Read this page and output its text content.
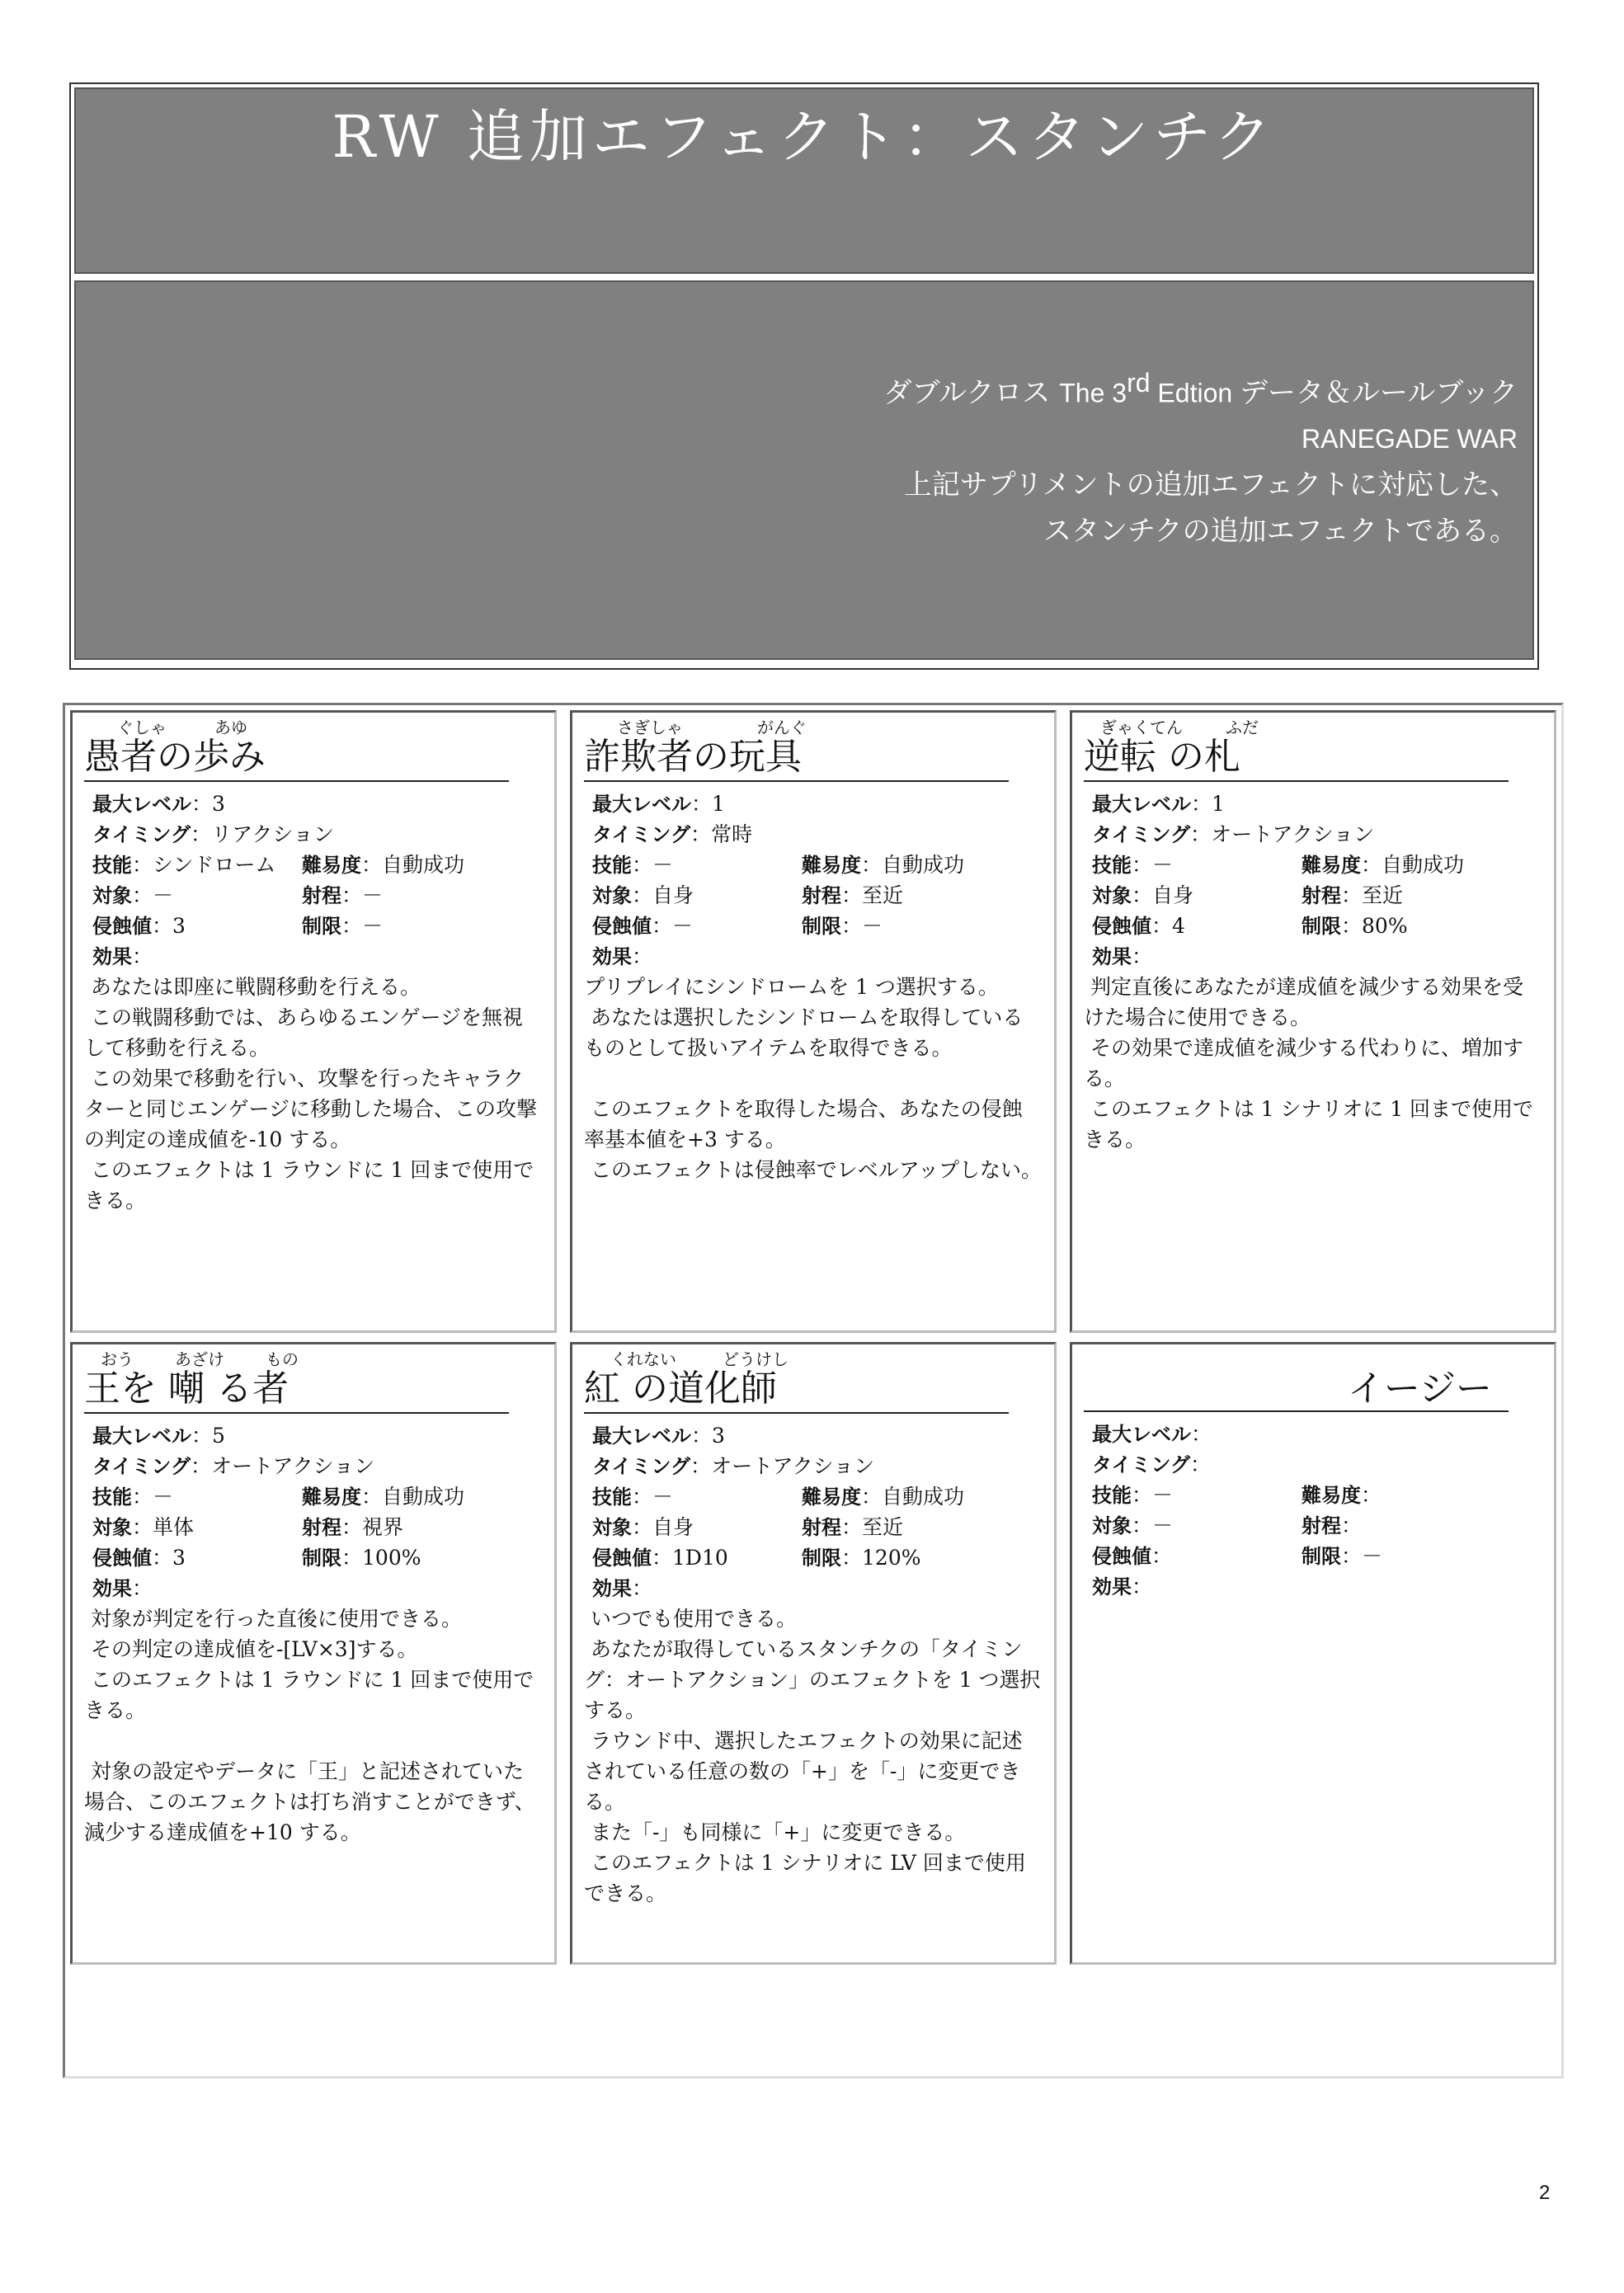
RW 追加エフェクト：スタンチク
ダブルクロス The 3rd Edtion データ＆ルールブック
RANEGADE WAR
上記サプリメントの追加エフェクトに対応した、
スタンチクの追加エフェクトである。
ぐしゃ	あゆ
愚者の歩み
最大レベル：3
タイミング：リアクション
技能：シンドローム	難易度：自動成功
対象：－	射程：－
侵蝕値：3	制限：－
効果：
あなたは即座に戦闘移動を行える。
この戦闘移動では、あらゆるエンゲージを無視して移動を行える。
この効果で移動を行い、攻撃を行ったキャラクターと同じエンゲージに移動した場合、この攻撃の判定の達成値を-10 する。
このエフェクトは 1 ラウンドに 1 回まで使用できる。
さぎしゃ	がんぐ
詐欺者の玩具
最大レベル：1
タイミング：常時
技能：－	難易度：自動成功
対象：自身	射程：至近
侵蝕値：－	制限：－
効果：
プリプレイにシンドロームを 1 つ選択する。
あなたは選択したシンドロームを取得しているものとして扱いアイテムを取得できる。

このエフェクトを取得した場合、あなたの侵蝕率基本値を+3 する。
このエフェクトは侵蝕率でレベルアップしない。
ぎゃくてん	ふだ
逆転 の札
最大レベル：1
タイミング：オートアクション
技能：－	難易度：自動成功
対象：自身	射程：至近
侵蝕値：4	制限：80%
効果：
判定直後にあなたが達成値を減少する効果を受けた場合に使用できる。
その効果で達成値を減少する代わりに、増加する。
このエフェクトは 1 シナリオに 1 回まで使用できる。
おう	あざけ	もの
王を 嘲 る者
最大レベル：5
タイミング：オートアクション
技能：－	難易度：自動成功
対象：単体	射程：視界
侵蝕値：3	制限：100%
効果：
対象が判定を行った直後に使用できる。
その判定の達成値を-[LV×3]する。
このエフェクトは 1 ラウンドに 1 回まで使用できる。

対象の設定やデータに「王」と記述されていた場合、このエフェクトは打ち消すことができず、減少する達成値を+10 する。
くれない	どうけし
紅 の道化師
最大レベル：3
タイミング：オートアクション
技能：－	難易度：自動成功
対象：自身	射程：至近
侵蝕値：1D10	制限：120%
効果：
いつでも使用できる。
あなたが取得しているスタンチクの「タイミング：オートアクション」のエフェクトを 1 つ選択する。
ラウンド中、選択したエフェクトの効果に記述されている任意の数の「+」を「-」に変更できる。
また「-」も同様に「+」に変更できる。
このエフェクトは 1 シナリオに LV 回まで使用できる。
イージー
最大レベル：
タイミング：
技能：－	難易度：
対象：－	射程：
侵蝕値：	制限：－
効果：
2
